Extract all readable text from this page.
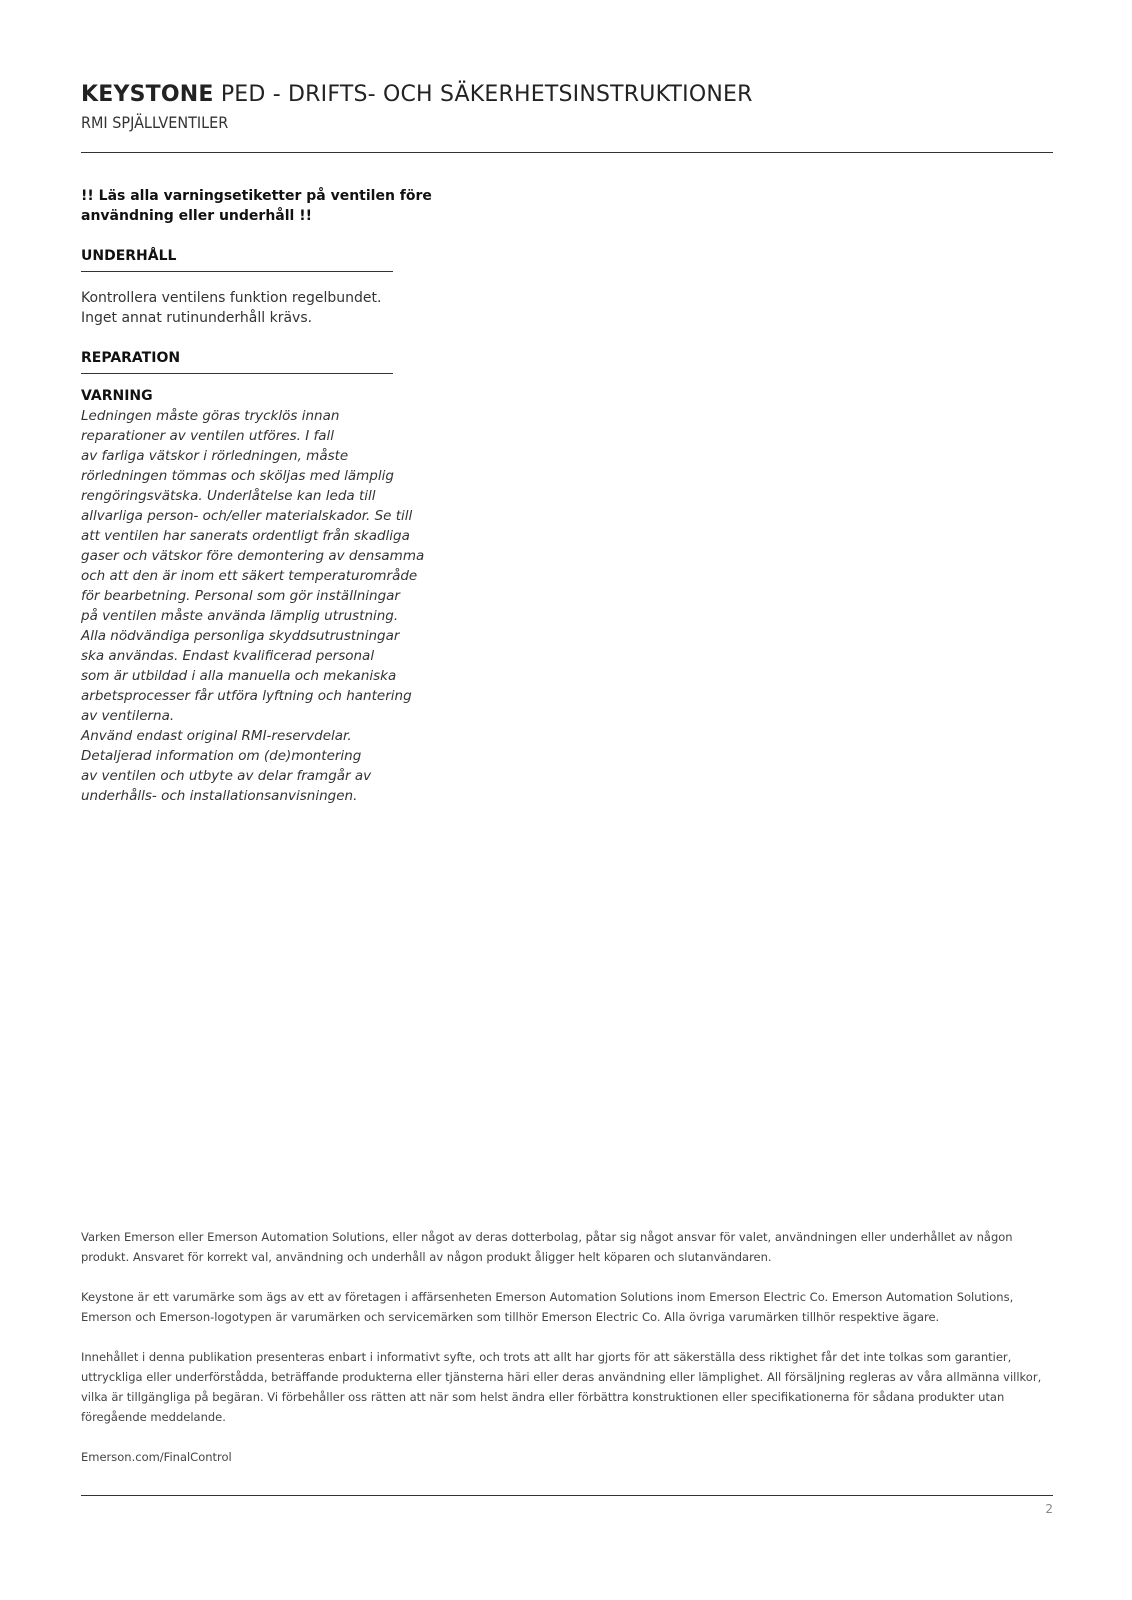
KEYSTONE PED - DRIFTS- OCH SÄKERHETSINSTRUKTIONER

RMI SPJÄLLVENTILER

!! Läs alla varningsetiketter på ventilen före
användning eller underhåll !!

UNDERHÅLL

Kontrollera ventilens funktion regelbundet.
Inget annat rutinunderhåll krävs.

REPARATION

VARNING

Ledningen måste göras trycklös innan
reparationer av ventilen utföres. I fall
av farliga vätskor i rörledningen, måste
rörledningen tömmas och sköljas med lämplig
rengöringsvätska. Underlåtelse kan leda till
allvarliga person- och/eller materialskador. Se till
att ventilen har sanerats ordentligt från skadliga
gaser och vätskor före demontering av densamma
och att den är inom ett säkert temperaturområde
för bearbetning. Personal som gör inställningar
på ventilen måste använda lämplig utrustning.
Alla nödvändiga personliga skyddsutrustningar
ska användas. Endast kvalificerad personal
som är utbildad i alla manuella och mekaniska
arbetsprocesser får utföra lyftning och hantering
av ventilerna.
Använd endast original RMI-reservdelar.
Detaljerad information om (de)montering
av ventilen och utbyte av delar framgår av
underhålls- och installationsanvisningen.

Varken Emerson eller Emerson Automation Solutions, eller något av deras dotterbolag, påtar sig något ansvar för valet, användningen eller underhållet av någon
produkt. Ansvaret för korrekt val, användning och underhåll av någon produkt åligger helt köparen och slutanvändaren.

Keystone är ett varumärke som ägs av ett av företagen i affärsenheten Emerson Automation Solutions inom Emerson Electric Co. Emerson Automation Solutions,
Emerson och Emerson-logotypen är varumärken och servicemärken som tillhör Emerson Electric Co. Alla övriga varumärken tillhör respektive ägare.

Innehållet i denna publikation presenteras enbart i informativt syfte, och trots att allt har gjorts för att säkerställa dess riktighet får det inte tolkas som garantier,
uttryckliga eller underförstådda, beträffande produkterna eller tjänsterna häri eller deras användning eller lämplighet. All försäljning regleras av våra allmänna villkor,
vilka är tillgängliga på begäran. Vi förbehåller oss rätten att när som helst ändra eller förbättra konstruktionen eller specifikationerna för sådana produkter utan
föregående meddelande.

Emerson.com/FinalControl

2
